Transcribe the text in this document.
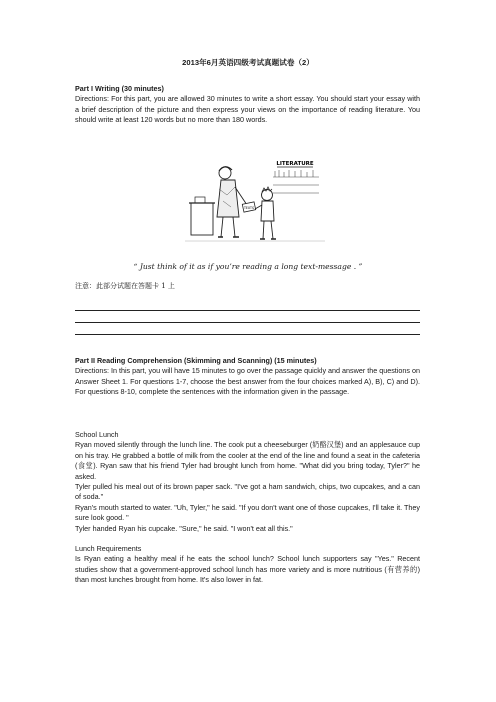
2013年6月英语四级考试真题试卷（2）

Part I Writing (30 minutes)

Directions: For this part, you are allowed 30 minutes to write a short essay. You should start your essay with a brief description of the picture and then express your views on the importance of reading literature. You should write at least 120 words but no more than 180 words.

LITERATURE
TEXTS
“ Just think of it as if you’re reading a long text-message . ”
注意：此部分试题在答题卡 1 上

Part II Reading Comprehension (Skimming and Scanning) (15 minutes)

Directions: In this part, you will have 15 minutes to go over the passage quickly and answer the questions on Answer Sheet 1. For questions 1-7, choose the best answer from the four choices marked A), B), C) and D). For questions 8-10, complete the sentences with the information given in the passage.

School Lunch

Ryan moved silently through the lunch line. The cook put a cheeseburger (奶酪汉堡) and an applesauce cup on his tray. He grabbed a bottle of milk from the cooler at the end of the line and found a seat in the cafeteria (食堂). Ryan saw that his friend Tyler had brought lunch from home. "What did you bring today, Tyler?" he asked.

Tyler pulled his meal out of its brown paper sack. "I've got a ham sandwich, chips, two cupcakes, and a can of soda."

Ryan's mouth started to water. "Uh, Tyler," he said. "If you don't want one of those cupcakes, I'll take it. They sure look good. "

Tyler handed Ryan his cupcake. "Sure," he said. "I won't eat all this."

Lunch Requirements

Is Ryan eating a healthy meal if he eats the school lunch? School lunch supporters say "Yes." Recent studies show that a government-approved school lunch has more variety and is more nutritious (有营养的) than most lunches brought from home. It's also lower in fat.
